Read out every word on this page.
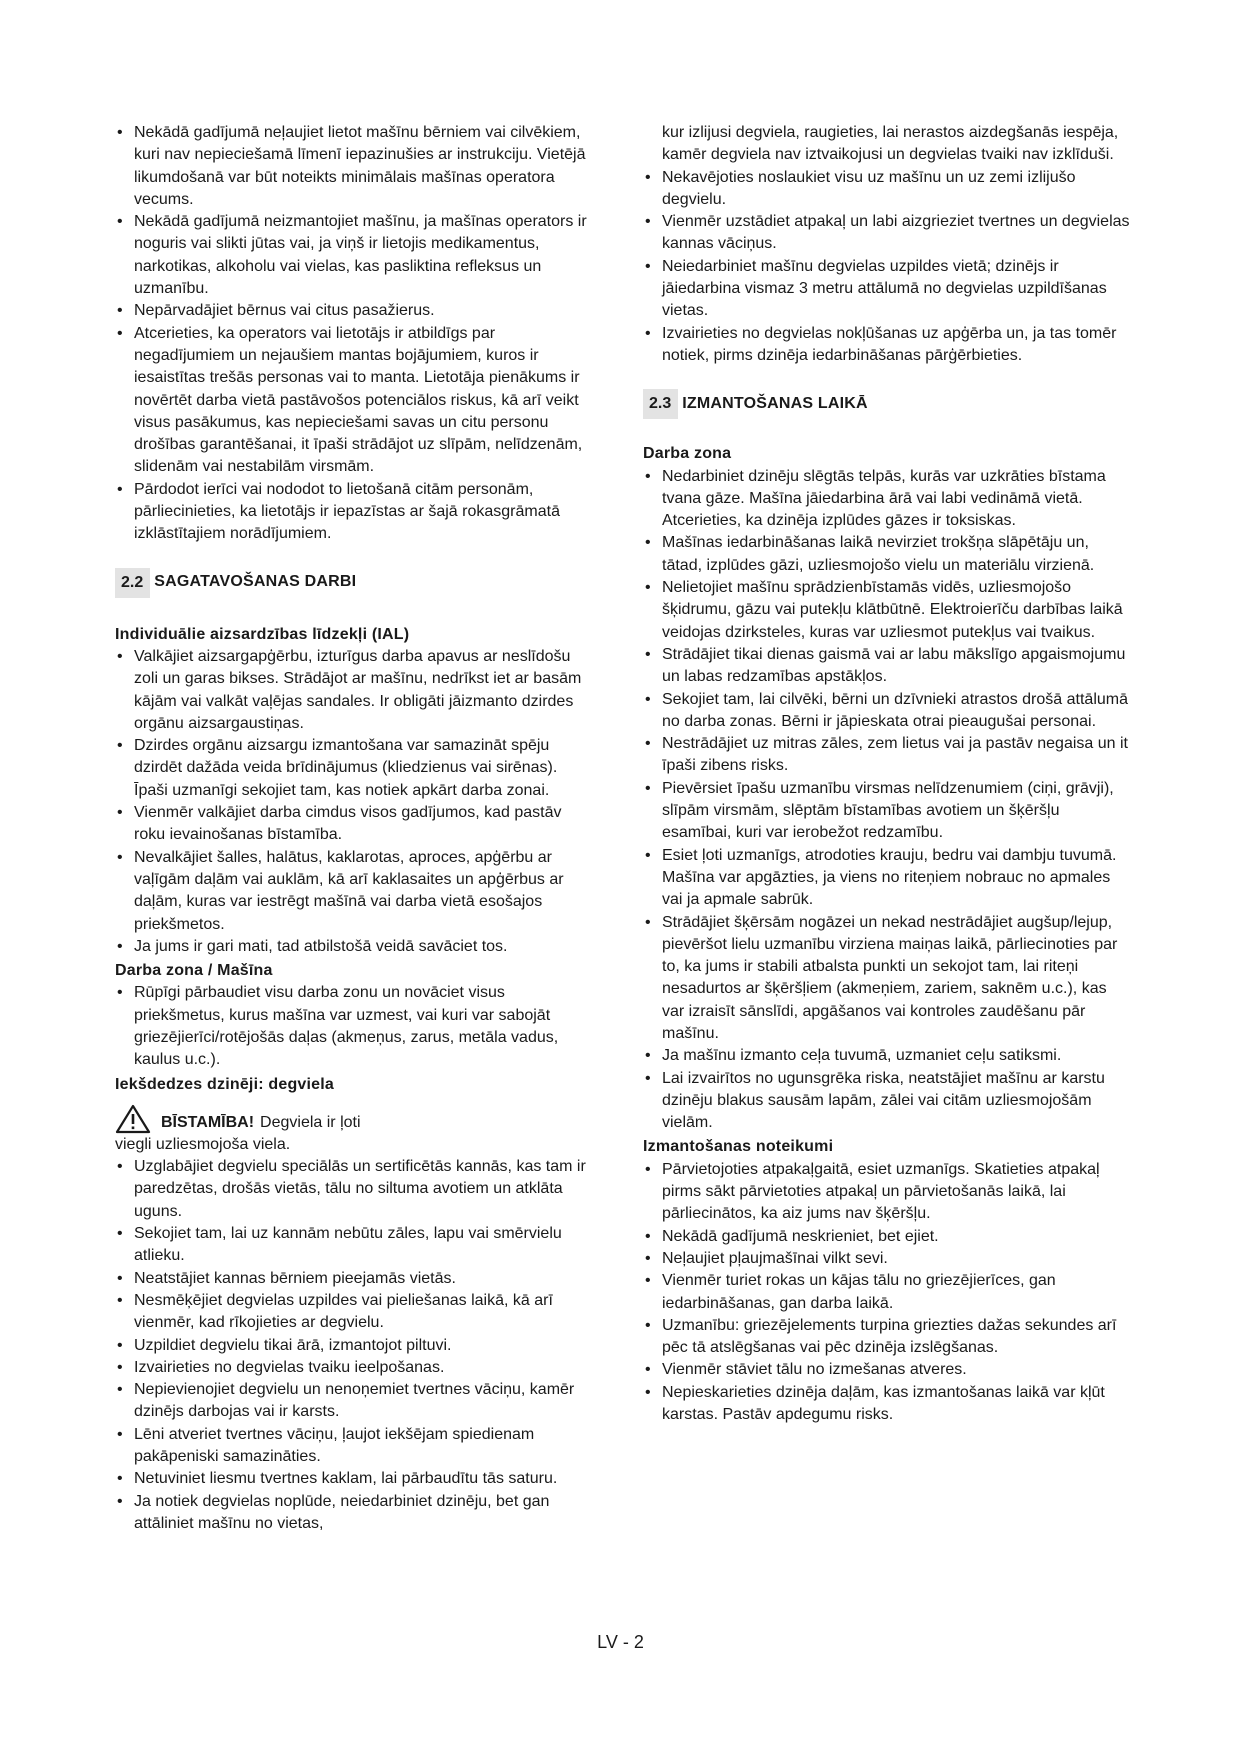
• Nekādā gadījumā neļaujiet lietot mašīnu bērniem vai cilvēkiem, kuri nav nepieciešamā līmenī iepazinušies ar instrukciju. Vietējā likumdošanā var būt noteikts minimālais mašīnas operatora vecums.
• Nekādā gadījumā neizmantojiet mašīnu, ja mašīnas operators ir noguris vai slikti jūtas vai, ja viņš ir lietojis medikamentus, narkotikas, alkoholu vai vielas, kas pasliktina refleksus un uzmanību.
• Nepārvadājiet bērnus vai citus pasažierus.
• Atcerieties, ka operators vai lietotājs ir atbildīgs par negadījumiem un nejaušiem mantas bojājumiem, kuros ir iesaistītas trešās personas vai to manta. Lietotāja pienākums ir novērtēt darba vietā pastāvošos potenciālos riskus, kā arī veikt visus pasākumus, kas nepieciešami savas un citu personu drošības garantēšanai, it īpaši strādājot uz slīpām, nelīdzenām, slidenām vai nestabilām virsmām.
• Pārdodot ierīci vai nododot to lietošanā citām personām, pārliecinieties, ka lietotājs ir iepazīstas ar šajā rokasgrāmatā izklāstītajiem norādījumiem.
2.2 SAGATAVOŠANAS DARBI
Individuālie aizsardzības līdzekļi (IAL)
• Valkājiet aizsargapģērbu, izturīgus darba apavus ar neslīdošu zoli un garas bikses. Strādājot ar mašīnu, nedrīkst iet ar basām kājām vai valkāt vaļējas sandales. Ir obligāti jāizmanto dzirdes orgānu aizsargaustiņas.
• Dzirdes orgānu aizsargu izmantošana var samazināt spēju dzirdēt dažāda veida brīdinājumus (kliedzienus vai sirēnas). Īpaši uzmanīgi sekojiet tam, kas notiek apkārt darba zonai.
• Vienmēr valkājiet darba cimdus visos gadījumos, kad pastāv roku ievainošanas bīstamība.
• Nevalkājiet šalles, halātus, kaklarotas, aproces, apģērbu ar vaļīgām daļām vai auklām, kā arī kaklasaites un apģērbus ar daļām, kuras var iestrēgt mašīnā vai darba vietā esošajos priekšmetos.
• Ja jums ir gari mati, tad atbilstošā veidā savāciet tos.
Darba zona / Mašīna
• Rūpīgi pārbaudiet visu darba zonu un novāciet visus priekšmetus, kurus mašīna var uzmest, vai kuri var sabojāt griezējierīci/rotējošās daļas (akmeņus, zarus, metāla vadus, kaulus u.c.).
Iekšdedzes dzinēji: degviela
BĪSTAMĪBA! Degviela ir ļoti
viegli uzliesmojoša viela.
• Uzglabājiet degvielu speciālās un sertificētās kannās, kas tam ir paredzētas, drošās vietās, tālu no siltuma avotiem un atklāta uguns.
• Sekojiet tam, lai uz kannām nebūtu zāles, lapu vai smērvielu atlieku.
• Neatstājiet kannas bērniem pieejamās vietās.
• Nesmēķējiet degvielas uzpildes vai pieliešanas laikā, kā arī vienmēr, kad rīkojieties ar degvielu.
• Uzpildiet degvielu tikai ārā, izmantojot piltuvi.
• Izvairieties no degvielas tvaiku ieelpošanas.
• Nepievienojiet degvielu un nenoņemiet tvertnes vāciņu, kamēr dzinējs darbojas vai ir karsts.
• Lēni atveriet tvertnes vāciņu, ļaujot iekšējam spiedienam pakāpeniski samazināties.
• Netuviniet liesmu tvertnes kaklam, lai pārbaudītu tās saturu.
• Ja notiek degvielas noplūde, neiedarbiniet dzinēju, bet gan attāliniet mašīnu no vietas,

kur izlijusi degviela, raugieties, lai nerastos aizdegšanās iespēja, kamēr degviela nav iztvaikojusi un degvielas tvaiki nav izklīduši.

• Nekavējoties noslaukiet visu uz mašīnu un uz zemi izlijušo degvielu.
• Vienmēr uzstādiet atpakaļ un labi aizgrieziet tvertnes un degvielas kannas vāciņus.
• Neiedarbiniet mašīnu degvielas uzpildes vietā; dzinējs ir jāiedarbina vismaz 3 metru attālumā no degvielas uzpildīšanas vietas.
• Izvairieties no degvielas nokļūšanas uz apģērba un, ja tas tomēr notiek, pirms dzinēja iedarbināšanas pārģērbieties.
2.3 IZMANTOŠANAS LAIKĀ
Darba zona
• Nedarbiniet dzinēju slēgtās telpās, kurās var uzkrāties bīstama tvana gāze. Mašīna jāiedarbina ārā vai labi vedināmā vietā. Atcerieties, ka dzinēja izplūdes gāzes ir toksiskas.
• Mašīnas iedarbināšanas laikā nevirziet trokšņa slāpētāju un, tātad, izplūdes gāzi, uzliesmojošo vielu un materiālu virzienā.
• Nelietojiet mašīnu sprādzienbīstamās vidēs, uzliesmojošo šķidrumu, gāzu vai putekļu klātbūtnē. Elektroierīču darbības laikā veidojas dzirksteles, kuras var uzliesmot putekļus vai tvaikus.
• Strādājiet tikai dienas gaismā vai ar labu mākslīgo apgaismojumu un labas redzamības apstākļos.
• Sekojiet tam, lai cilvēki, bērni un dzīvnieki atrastos drošā attālumā no darba zonas. Bērni ir jāpieskata otrai pieaugušai personai.
• Nestrādājiet uz mitras zāles, zem lietus vai ja pastāv negaisa un it īpaši zibens risks.
• Pievērsiet īpašu uzmanību virsmas nelīdzenumiem (ciņi, grāvji), slīpām virsmām, slēptām bīstamības avotiem un šķēršļu esamībai, kuri var ierobežot redzamību.
• Esiet ļoti uzmanīgs, atrodoties krauju, bedru vai dambju tuvumā. Mašīna var apgāzties, ja viens no riteņiem nobrauc no apmales vai ja apmale sabrūk.
• Strādājiet šķērsām nogāzei un nekad nestrādājiet augšup/lejup, pievēršot lielu uzmanību virziena maiņas laikā, pārliecinoties par to, ka jums ir stabili atbalsta punkti un sekojot tam, lai riteņi nesadurtos ar šķēršļiem (akmeņiem, zariem, saknēm u.c.), kas var izraisīt sānslīdi, apgāšanos vai kontroles zaudēšanu pār mašīnu.
• Ja mašīnu izmanto ceļa tuvumā, uzmaniet ceļu satiksmi.
• Lai izvairītos no ugunsgrēka riska, neatstājiet mašīnu ar karstu dzinēju blakus sausām lapām, zālei vai citām uzliesmojošām vielām.
Izmantošanas noteikumi
• Pārvietojoties atpakaļgaitā, esiet uzmanīgs. Skatieties atpakaļ pirms sākt pārvietoties atpakaļ un pārvietošanās laikā, lai pārliecinātos, ka aiz jums nav šķēršļu.
• Nekādā gadījumā neskrieniet, bet ejiet.
• Neļaujiet pļaujmašīnai vilkt sevi.
• Vienmēr turiet rokas un kājas tālu no griezējierīces, gan iedarbināšanas, gan darba laikā.
• Uzmanību: griezējelements turpina griezties dažas sekundes arī pēc tā atslēgšanas vai pēc dzinēja izslēgšanas.
• Vienmēr stāviet tālu no izmešanas atveres.
• Nepieskarieties dzinēja daļām, kas izmantošanas laikā var kļūt karstas. Pastāv apdegumu risks.
LV - 2
